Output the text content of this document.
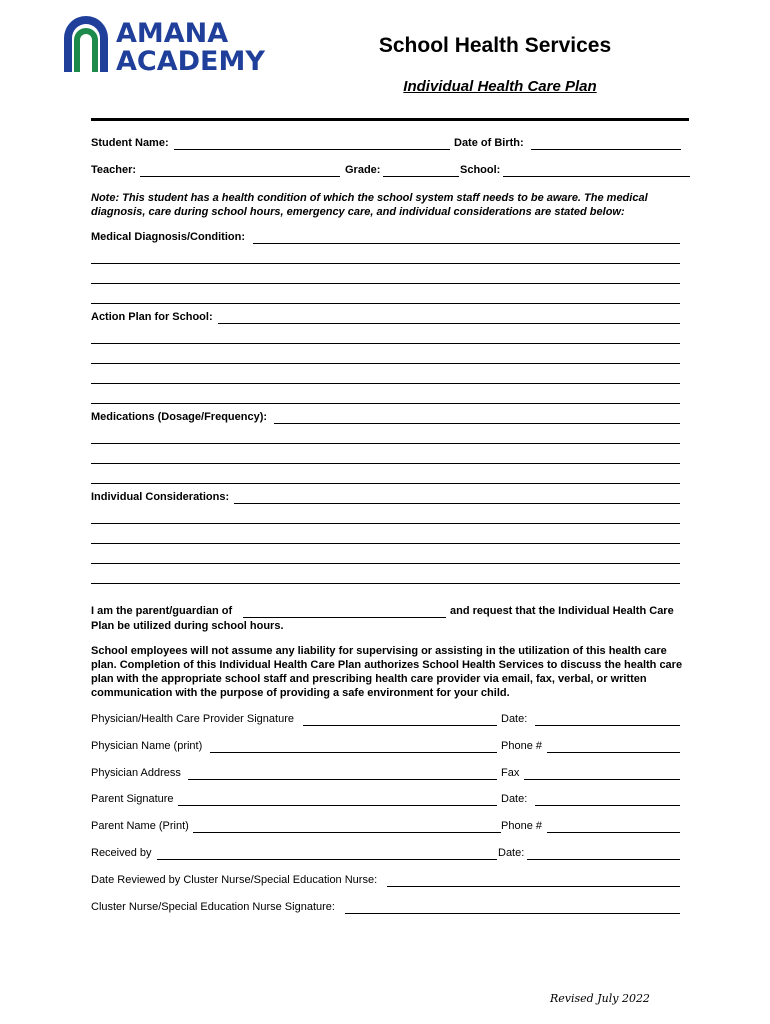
AMANA
ACADEMY
School Health Services
Individual Health Care Plan
Student Name:	Date of Birth:
Teacher:	Grade:	School:
Note: This student has a health condition of which the school system staff needs to be aware. The medical diagnosis, care during school hours, emergency care, and individual considerations are stated below:
Medical Diagnosis/Condition:
Action Plan for School:
Medications (Dosage/Frequency):
Individual Considerations:
I am the parent/guardian of	and request that the Individual Health Care
Plan be utilized during school hours.
School employees will not assume any liability for supervising or assisting in the utilization of this health care plan. Completion of this Individual Health Care Plan authorizes School Health Services to discuss the health care plan with the appropriate school staff and prescribing health care provider via email, fax, verbal, or written communication with the purpose of providing a safe environment for your child.
Physician/Health Care Provider Signature	Date:
Physician Name (print)	Phone #
Physician Address	Fax
Parent Signature	Date:
Parent Name (Print)	Phone #
Received by	Date:
Date Reviewed by Cluster Nurse/Special Education Nurse:
Cluster Nurse/Special Education Nurse Signature:
Revised July 2022
